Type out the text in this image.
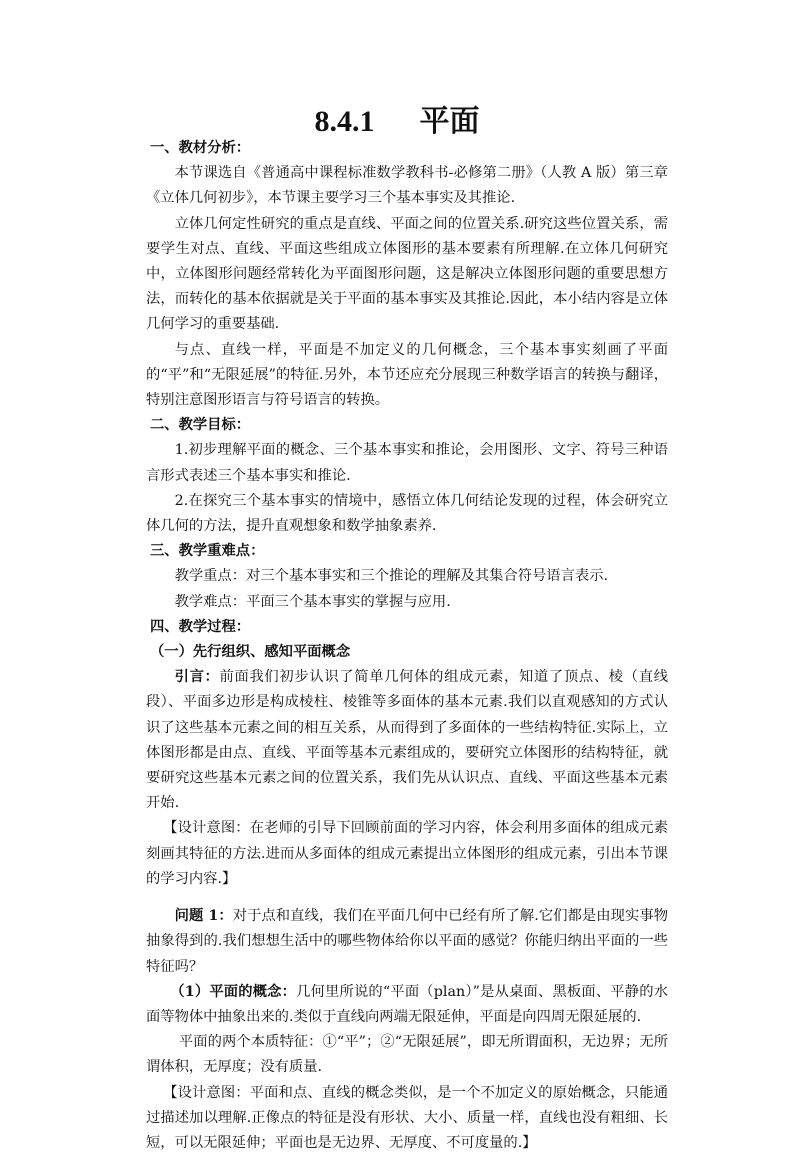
8.4.1      平面

一、教材分析：

本节课选自《普通高中课程标准数学教科书-必修第二册》（人教 A 版）第三章《立体几何初步》，本节课主要学习三个基本事实及其推论.

立体几何定性研究的重点是直线、平面之间的位置关系.研究这些位置关系，需要学生对点、直线、平面这些组成立体图形的基本要素有所理解.在立体几何研究中，立体图形问题经常转化为平面图形问题，这是解决立体图形问题的重要思想方法，而转化的基本依据就是关于平面的基本事实及其推论.因此，本小结内容是立体几何学习的重要基础.

与点、直线一样，平面是不加定义的几何概念，三个基本事实刻画了平面的“平”和“无限延展”的特征.另外，本节还应充分展现三种数学语言的转换与翻译，特别注意图形语言与符号语言的转换。

二、教学目标：

1.初步理解平面的概念、三个基本事实和推论，会用图形、文字、符号三种语言形式表述三个基本事实和推论.

2.在探究三个基本事实的情境中，感悟立体几何结论发现的过程，体会研究立体几何的方法，提升直观想象和数学抽象素养.

三、教学重难点：

教学重点：对三个基本事实和三个推论的理解及其集合符号语言表示.

教学难点：平面三个基本事实的掌握与应用.

四、教学过程：

（一）先行组织、感知平面概念

引言：前面我们初步认识了简单几何体的组成元素，知道了顶点、棱（直线段）、平面多边形是构成棱柱、棱锥等多面体的基本元素.我们以直观感知的方式认识了这些基本元素之间的相互关系，从而得到了多面体的一些结构特征.实际上，立体图形都是由点、直线、平面等基本元素组成的，要研究立体图形的结构特征，就要研究这些基本元素之间的位置关系，我们先从认识点、直线、平面这些基本元素开始.

【设计意图：在老师的引导下回顾前面的学习内容，体会利用多面体的组成元素刻画其特征的方法.进而从多面体的组成元素提出立体图形的组成元素，引出本节课的学习内容.】

问题 1：对于点和直线，我们在平面几何中已经有所了解.它们都是由现实事物抽象得到的.我们想想生活中的哪些物体给你以平面的感觉？你能归纳出平面的一些特征吗？

（1）平面的概念：几何里所说的“平面（plan）”是从桌面、黑板面、平静的水面等物体中抽象出来的.类似于直线向两端无限延伸，平面是向四周无限延展的.

平面的两个本质特征：①“平”；②“无限延展”，即无所谓面积，无边界；无所谓体积，无厚度；没有质量.

【设计意图：平面和点、直线的概念类似，是一个不加定义的原始概念，只能通过描述加以理解.正像点的特征是没有形状、大小、质量一样，直线也没有粗细、长短，可以无限延伸；平面也是无边界、无厚度、不可度量的.】
